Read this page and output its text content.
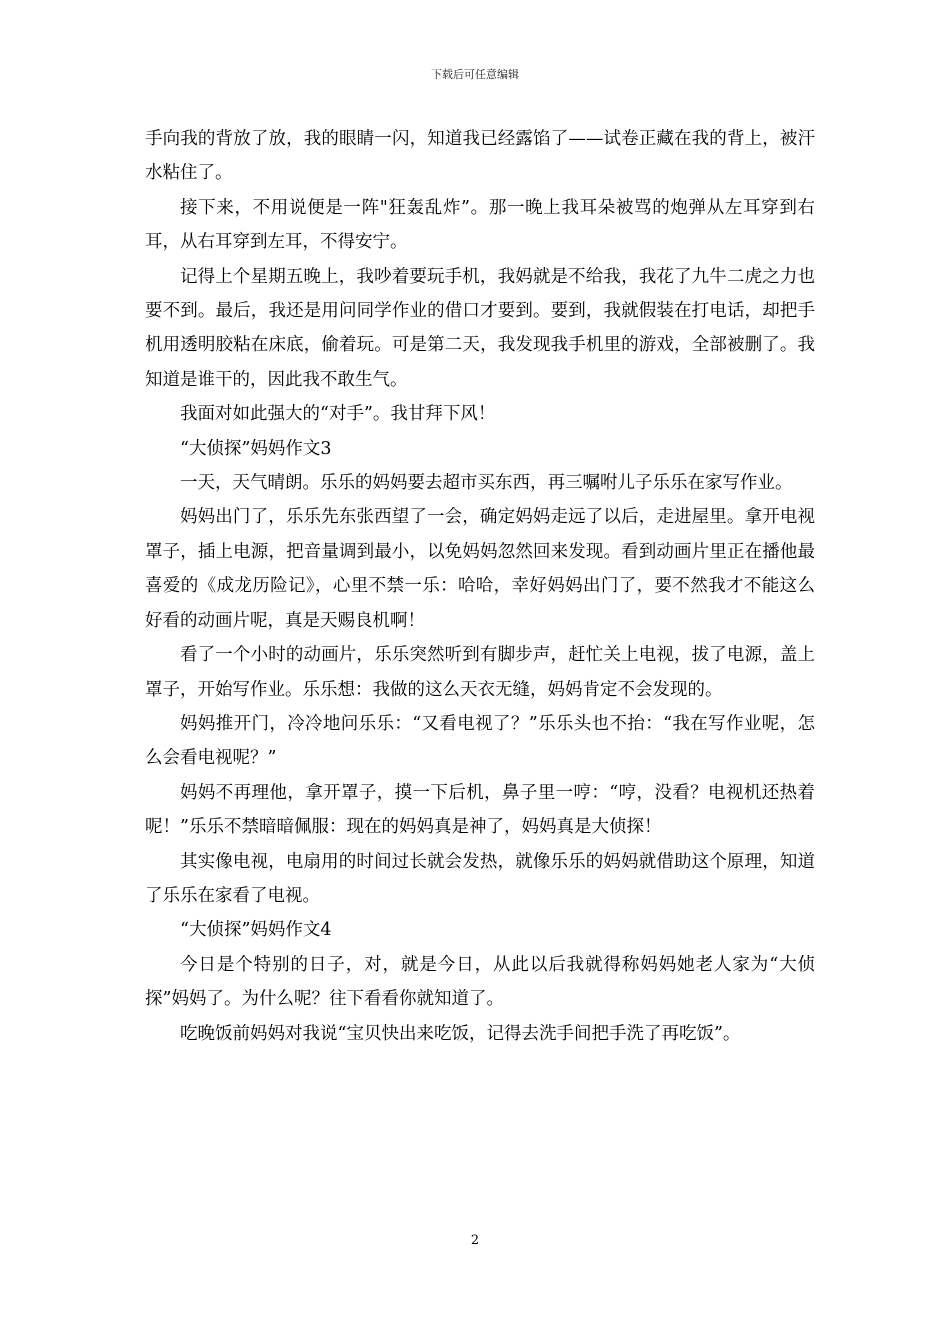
下载后可任意编辑

手向我的背放了放，我的眼睛一闪，知道我已经露馅了——试卷正藏在我的背上，被汗水粘住了。

接下来，不用说便是一阵"狂轰乱炸”。那一晚上我耳朵被骂的炮弹从左耳穿到右耳，从右耳穿到左耳，不得安宁。

记得上个星期五晚上，我吵着要玩手机，我妈就是不给我，我花了九牛二虎之力也要不到。最后，我还是用问同学作业的借口才要到。要到，我就假装在打电话，却把手机用透明胶粘在床底，偷着玩。可是第二天，我发现我手机里的游戏，全部被删了。我知道是谁干的，因此我不敢生气。

我面对如此强大的“对手”。我甘拜下风！

“大侦探”妈妈作文3

一天，天气晴朗。乐乐的妈妈要去超市买东西，再三嘱咐儿子乐乐在家写作业。

妈妈出门了，乐乐先东张西望了一会，确定妈妈走远了以后，走进屋里。拿开电视罩子，插上电源，把音量调到最小，以免妈妈忽然回来发现。看到动画片里正在播他最喜爱的《成龙历险记》，心里不禁一乐：哈哈，幸好妈妈出门了，要不然我才不能这么好看的动画片呢，真是天赐良机啊！

看了一个小时的动画片，乐乐突然听到有脚步声，赶忙关上电视，拔了电源，盖上罩子，开始写作业。乐乐想：我做的这么天衣无缝，妈妈肯定不会发现的。

妈妈推开门，冷冷地问乐乐：“又看电视了？”乐乐头也不抬：“我在写作业呢，怎么会看电视呢？”

妈妈不再理他，拿开罩子，摸一下后机，鼻子里一哼：“哼，没看？电视机还热着呢！”乐乐不禁暗暗佩服：现在的妈妈真是神了，妈妈真是大侦探！

其实像电视，电扇用的时间过长就会发热，就像乐乐的妈妈就借助这个原理，知道了乐乐在家看了电视。

“大侦探”妈妈作文4

今日是个特别的日子，对，就是今日，从此以后我就得称妈妈她老人家为“大侦探”妈妈了。为什么呢？往下看看你就知道了。

吃晚饭前妈妈对我说“宝贝快出来吃饭，记得去洗手间把手洗了再吃饭”。

2
